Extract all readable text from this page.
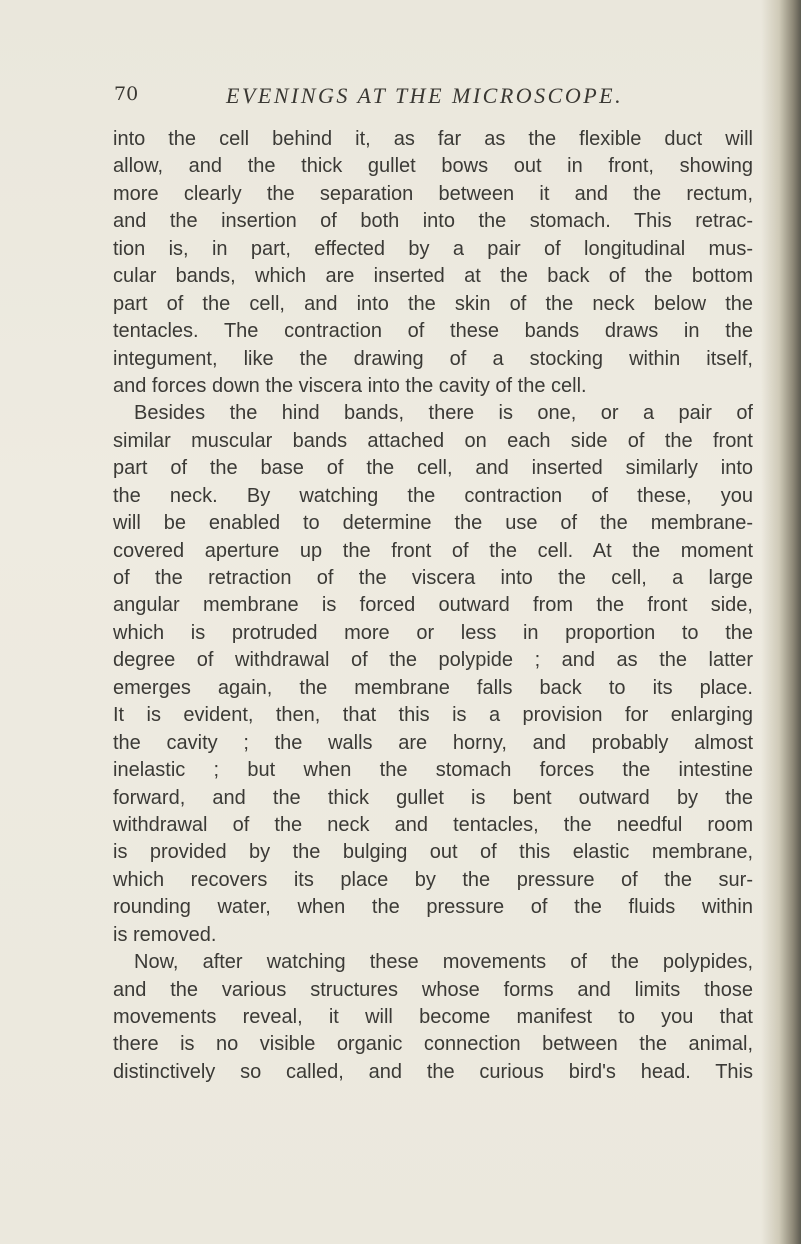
70	EVENINGS AT THE MICROSCOPE.
into the cell behind it, as far as the flexible duct will
allow, and the thick gullet bows out in front, showing
more clearly the separation between it and the rectum,
and the insertion of both into the stomach. This retrac-
tion is, in part, effected by a pair of longitudinal mus-
cular bands, which are inserted at the back of the bottom
part of the cell, and into the skin of the neck below the
tentacles. The contraction of these bands draws in the
integument, like the drawing of a stocking within itself,
and forces down the viscera into the cavity of the cell.
Besides the hind bands, there is one, or a pair of
similar muscular bands attached on each side of the front
part of the base of the cell, and inserted similarly into
the neck. By watching the contraction of these, you
will be enabled to determine the use of the membrane-
covered aperture up the front of the cell. At the moment
of the retraction of the viscera into the cell, a large
angular membrane is forced outward from the front side,
which is protruded more or less in proportion to the
degree of withdrawal of the polypide ; and as the latter
emerges again, the membrane falls back to its place.
It is evident, then, that this is a provision for enlarging
the cavity ; the walls are horny, and probably almost
inelastic ; but when the stomach forces the intestine
forward, and the thick gullet is bent outward by the
withdrawal of the neck and tentacles, the needful room
is provided by the bulging out of this elastic membrane,
which recovers its place by the pressure of the sur-
rounding water, when the pressure of the fluids within
is removed.
Now, after watching these movements of the polypides,
and the various structures whose forms and limits those
movements reveal, it will become manifest to you that
there is no visible organic connection between the animal,
distinctively so called, and the curious bird's head. This
